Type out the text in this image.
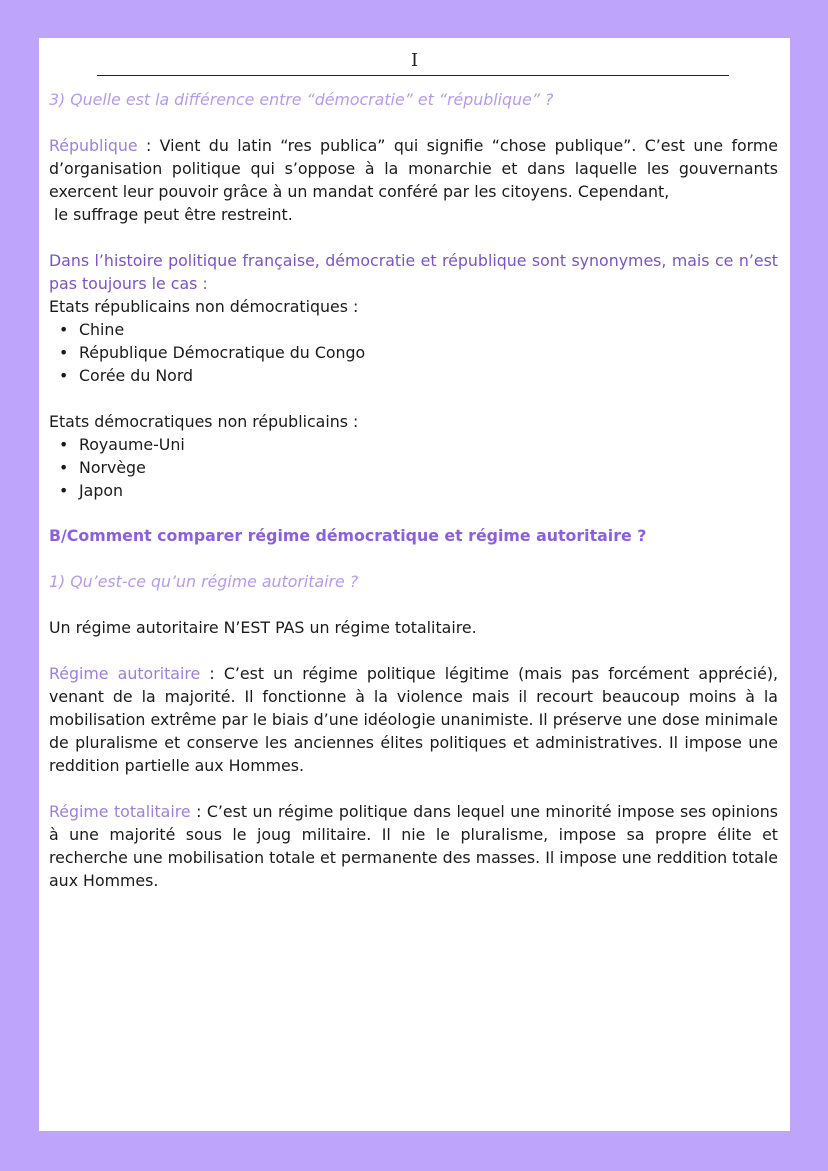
I

3) Quelle est la différence entre “démocratie” et “république” ?

République : Vient du latin “res publica” qui signifie “chose publique”. C’est une forme d’organisation politique qui s’oppose à la monarchie et dans laquelle les gouvernants exercent leur pouvoir grâce à un mandat conféré par les citoyens. Cependant,
le suffrage peut être restreint.

Dans l’histoire politique française, démocratie et république sont synonymes, mais ce n’est pas toujours le cas :

Etats républicains non démocratiques :

• Chine
• République Démocratique du Congo
• Corée du Nord

Etats démocratiques non républicains :

• Royaume-Uni
• Norvège
• Japon

B/Comment comparer régime démocratique et régime autoritaire ?

1) Qu’est-ce qu’un régime autoritaire ?

Un régime autoritaire N’EST PAS un régime totalitaire.

Régime autoritaire : C’est un régime politique légitime (mais pas forcément apprécié), venant de la majorité. Il fonctionne à la violence mais il recourt beaucoup moins à la mobilisation extrême par le biais d’une idéologie unanimiste. Il préserve une dose minimale de pluralisme et conserve les anciennes élites politiques et administratives. Il impose une reddition partielle aux Hommes.

Régime totalitaire : C’est un régime politique dans lequel une minorité impose ses opinions à une majorité sous le joug militaire. Il nie le pluralisme, impose sa propre élite et recherche une mobilisation totale et permanente des masses. Il impose une reddition totale aux Hommes.
